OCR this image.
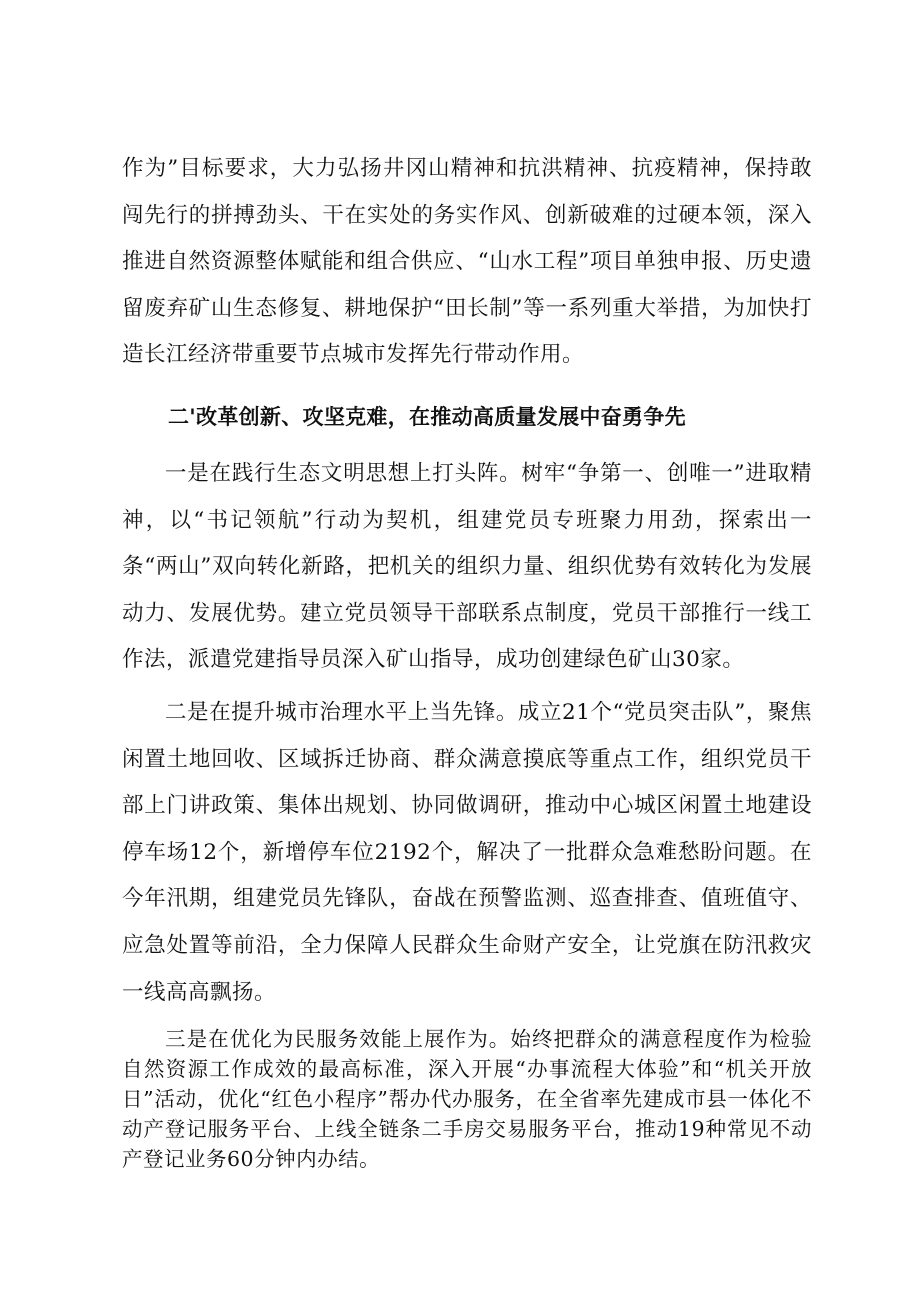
作为”目标要求，大力弘扬井冈山精神和抗洪精神、抗疫精神，保持敢闯先行的拼搏劲头、干在实处的务实作风、创新破难的过硬本领，深入推进自然资源整体赋能和组合供应、“山水工程”项目单独申报、历史遗留废弃矿山生态修复、耕地保护“田长制”等一系列重大举措，为加快打造长江经济带重要节点城市发挥先行带动作用。

二'改革创新、攻坚克难，在推动高质量发展中奋勇争先

一是在践行生态文明思想上打头阵。树牢“争第一、创唯一”进取精神，以“书记领航”行动为契机，组建党员专班聚力用劲，探索出一条“两山”双向转化新路，把机关的组织力量、组织优势有效转化为发展动力、发展优势。建立党员领导干部联系点制度，党员干部推行一线工作法，派遣党建指导员深入矿山指导，成功创建绿色矿山30家。

二是在提升城市治理水平上当先锋。成立21个“党员突击队”，聚焦闲置土地回收、区域拆迁协商、群众满意摸底等重点工作，组织党员干部上门讲政策、集体出规划、协同做调研，推动中心城区闲置土地建设停车场12个，新增停车位2192个，解决了一批群众急难愁盼问题。在今年汛期，组建党员先锋队，奋战在预警监测、巡查排查、值班值守、应急处置等前沿，全力保障人民群众生命财产安全，让党旗在防汛救灾一线高高飘扬。

三是在优化为民服务效能上展作为。始终把群众的满意程度作为检验自然资源工作成效的最高标准，深入开展“办事流程大体验”和“机关开放日”活动，优化“红色小程序”帮办代办服务，在全省率先建成市县一体化不动产登记服务平台、上线全链条二手房交易服务平台，推动19种常见不动产登记业务60分钟内办结。
